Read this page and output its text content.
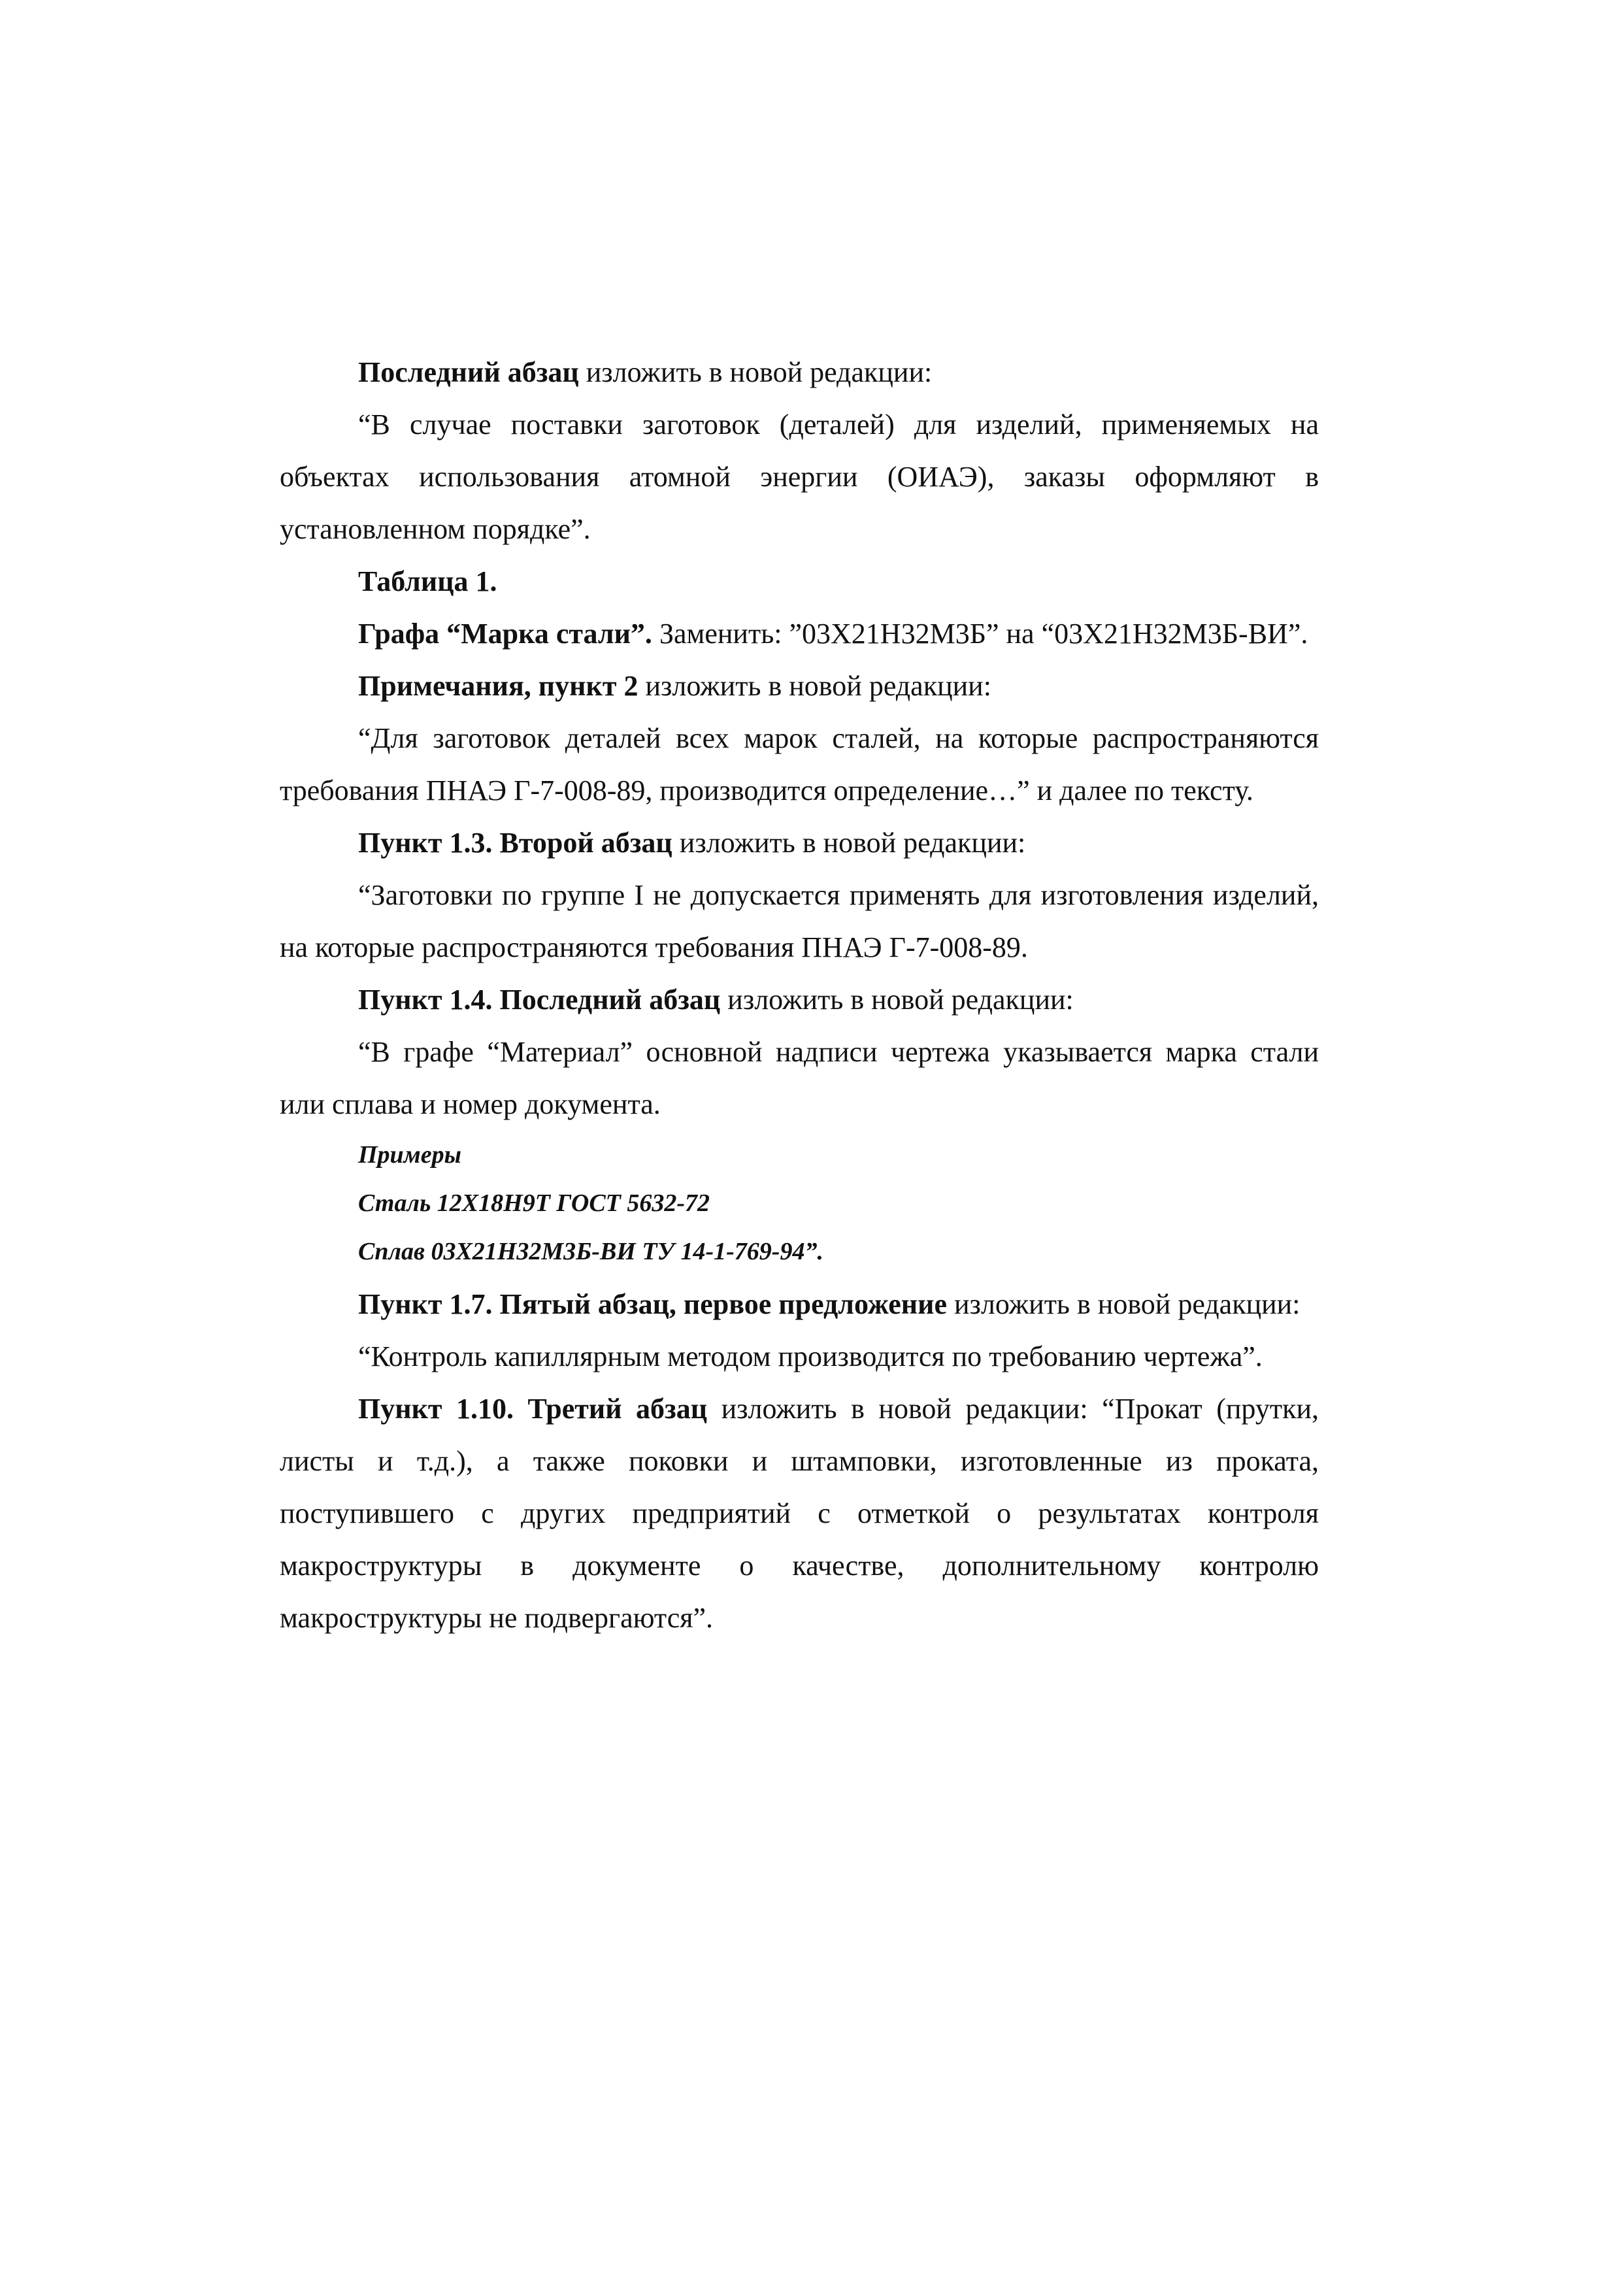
Последний абзац изложить в новой редакции:

“В случае поставки заготовок (деталей) для изделий, применяемых на объектах использования атомной энергии (ОИАЭ), заказы оформляют в установленном порядке”.

Таблица 1.

Графа “Марка стали”. Заменить: ”03Х21Н32М3Б” на “03Х21Н32М3Б-ВИ”.

Примечания, пункт 2 изложить в новой редакции:

“Для заготовок деталей всех марок сталей, на которые распространяются требования ПНАЭ Г-7-008-89, производится определение…” и далее по тексту.

Пункт 1.3. Второй абзац изложить в новой редакции:

“Заготовки по группе I не допускается применять для изготовления изделий, на которые распространяются требования ПНАЭ Г-7-008-89.

Пункт 1.4. Последний абзац изложить в новой редакции:

“В графе “Материал” основной надписи чертежа указывается марка стали или сплава и номер документа.

Примеры

Сталь 12Х18Н9Т ГОСТ 5632-72

Сплав 03Х21Н32М3Б-ВИ ТУ 14-1-769-94”.

Пункт 1.7. Пятый абзац, первое предложение изложить в новой редакции:

“Контроль капиллярным методом производится по требованию чертежа”.

Пункт 1.10. Третий абзац изложить в новой редакции: “Прокат (прутки, листы и т.д.), а также поковки и штамповки, изготовленные из проката, поступившего с других предприятий с отметкой о результатах контроля макроструктуры в документе о качестве, дополнительному контролю макроструктуры не подвергаются”.
